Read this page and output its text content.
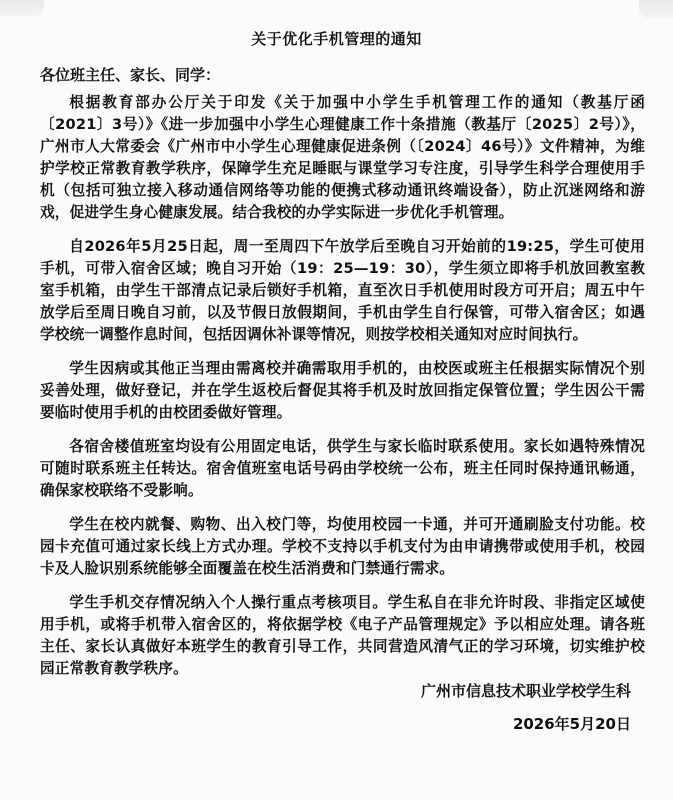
关于优化手机管理的通知
各位班主任、家长、同学：

根据教育部办公厅关于印发《关于加强中小学生手机管理工作的通知（教基厅函〔2021〕3号）》《进一步加强中小学生心理健康工作十条措施（教基厅〔2025〕2号）》，广州市人大常委会《广州市中小学生心理健康促进条例（〔2024〕46号）》文件精神，为维护学校正常教育教学秩序，保障学生充足睡眠与课堂学习专注度，引导学生科学合理使用手机（包括可独立接入移动通信网络等功能的便携式移动通讯终端设备），防止沉迷网络和游戏，促进学生身心健康发展。结合我校的办学实际进一步优化手机管理。

自2026年5月25日起，周一至周四下午放学后至晚自习开始前的19:25，学生可使用手机，可带入宿舍区域；晚自习开始（19：25—19：30），学生须立即将手机放回教室教室手机箱，由学生干部清点记录后锁好手机箱，直至次日手机使用时段方可开启；周五中午放学后至周日晚自习前，以及节假日放假期间，手机由学生自行保管，可带入宿舍区；如遇学校统一调整作息时间，包括因调休补课等情况，则按学校相关通知对应时间执行。

学生因病或其他正当理由需离校并确需取用手机的，由校医或班主任根据实际情况个别妥善处理，做好登记，并在学生返校后督促其将手机及时放回指定保管位置；学生因公干需要临时使用手机的由校团委做好管理。

各宿舍楼值班室均设有公用固定电话，供学生与家长临时联系使用。家长如遇特殊情况可随时联系班主任转达。宿舍值班室电话号码由学校统一公布，班主任同时保持通讯畅通，确保家校联络不受影响。

学生在校内就餐、购物、出入校门等，均使用校园一卡通，并可开通刷脸支付功能。校园卡充值可通过家长线上方式办理。学校不支持以手机支付为由申请携带或使用手机，校园卡及人脸识别系统能够全面覆盖在校生活消费和门禁通行需求。

学生手机交存情况纳入个人操行重点考核项目。学生私自在非允许时段、非指定区域使用手机，或将手机带入宿舍区的，将依据学校《电子产品管理规定》予以相应处理。请各班主任、家长认真做好本班学生的教育引导工作，共同营造风清气正的学习环境，切实维护校园正常教育教学秩序。

广州市信息技术职业学校学生科
2026年5月20日
